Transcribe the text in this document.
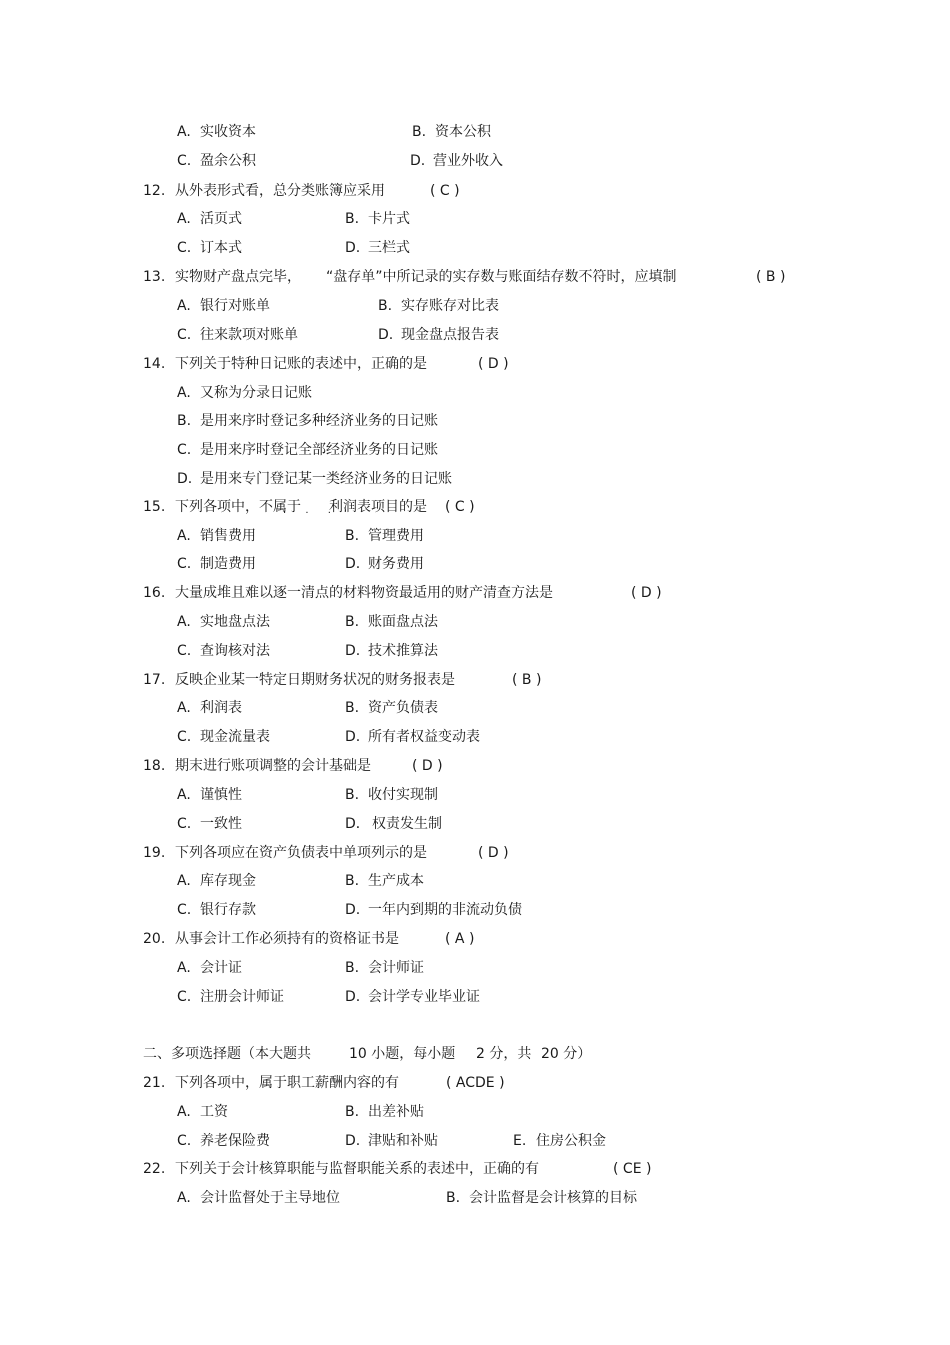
A. 实收资本	B. 资本公积
C. 盈余公积	D. 营业外收入
12. 从外表形式看，总分类账簿应采用	( C )
A. 活页式	B. 卡片式
C. 订本式	D. 三栏式
13. 实物财产盘点完毕， “盘存单”中所记录的实存数与账面结存数不符时，应填制	( B )
A. 银行对账单	B. 实存账存对比表
C. 往来款项对账单	D. 现金盘点报告表
14. 下列关于特种日记账的表述中，正确的是	( D )
A. 又称为分录日记账
B. 是用来序时登记多种经济业务的日记账
C. 是用来序时登记全部经济业务的日记账
D. 是用来专门登记某一类经济业务的日记账
15. 下列各项中，不属于
· · ·
利润表项目的是 ( C )
A. 销售费用	B. 管理费用
C. 制造费用	D. 财务费用
16. 大量成堆且难以逐一清点的材料物资最适用的财产清查方法是	( D )
A. 实地盘点法	B. 账面盘点法
C. 查询核对法	D. 技术推算法
17. 反映企业某一特定日期财务状况的财务报表是	( B )
A. 利润表	B. 资产负债表
C. 现金流量表	D. 所有者权益变动表
18. 期末进行账项调整的会计基础是	( D )
A. 谨慎性	B. 收付实现制
C. 一致性	D． 权责发生制
19. 下列各项应在资产负债表中单项列示的是	( D )
A. 库存现金	B. 生产成本
C. 银行存款	D. 一年内到期的非流动负债
20. 从事会计工作必须持有的资格证书是	( A )
A. 会计证	B. 会计师证
C. 注册会计师证	D. 会计学专业毕业证
二、多项选择题（本大题共	10 小题，每小题 2 分，共 20 分）
21. 下列各项中，属于职工薪酬内容的有	( ACDE )
A. 工资	B. 出差补贴
C. 养老保险费	D. 津贴和补贴	E. 住房公积金
22. 下列关于会计核算职能与监督职能关系的表述中，正确的有	( CE )
A. 会计监督处于主导地位	B. 会计监督是会计核算的目标
